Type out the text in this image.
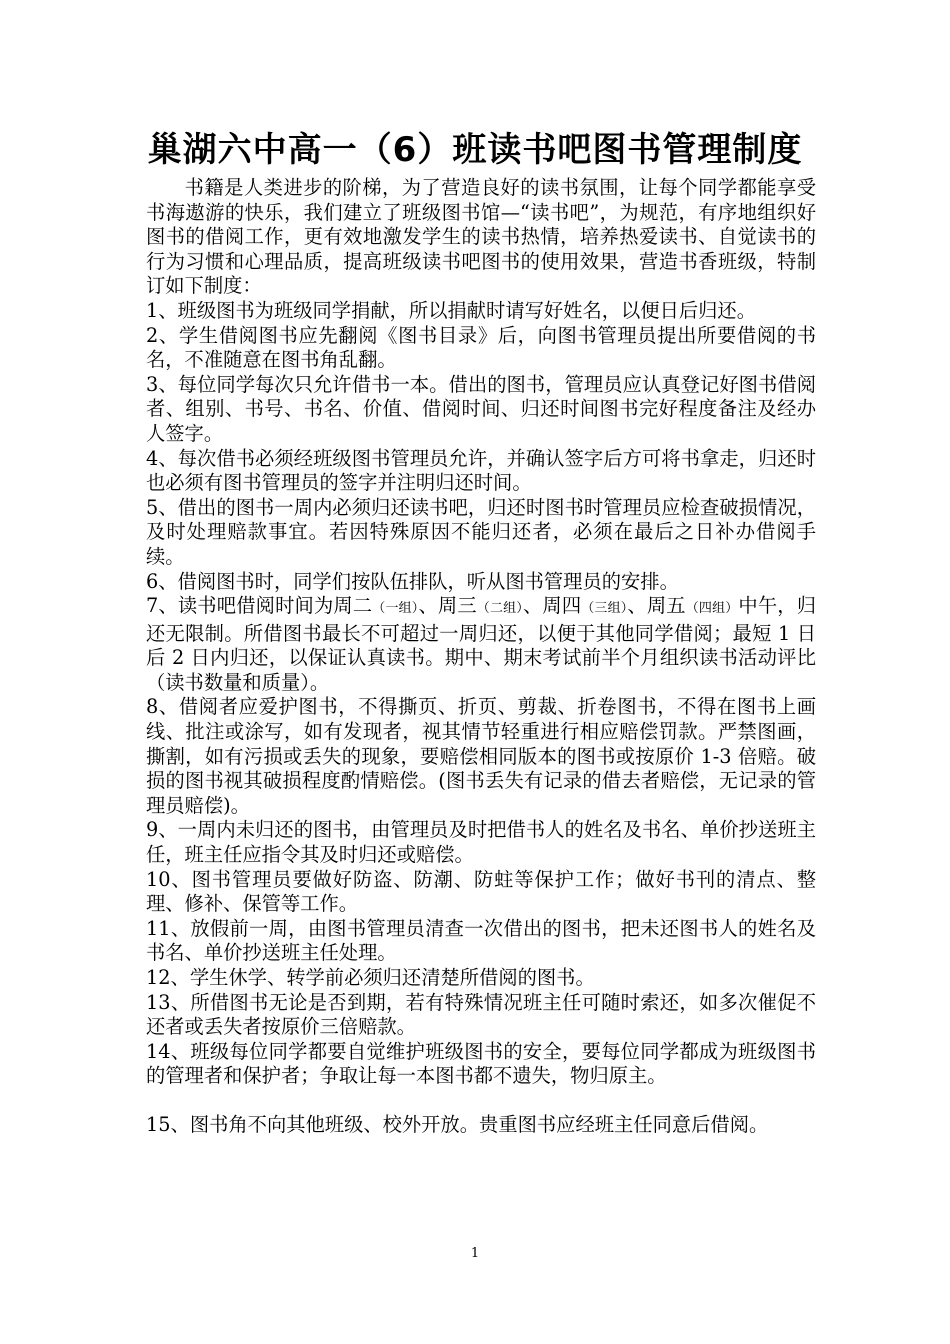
巢湖六中高一（6）班读书吧图书管理制度

书籍是人类进步的阶梯，为了营造良好的读书氛围，让每个同学都能享受书海遨游的快乐，我们建立了班级图书馆—“读书吧”，为规范，有序地组织好图书的借阅工作，更有效地激发学生的读书热情，培养热爱读书、自觉读书的行为习惯和心理品质，提高班级读书吧图书的使用效果，营造书香班级，特制订如下制度：

1、班级图书为班级同学捐献，所以捐献时请写好姓名，以便日后归还。

2、学生借阅图书应先翻阅《图书目录》后，向图书管理员提出所要借阅的书名，不准随意在图书角乱翻。

3、每位同学每次只允许借书一本。借出的图书，管理员应认真登记好图书借阅者、组别、书号、书名、价值、借阅时间、归还时间图书完好程度备注及经办人签字。

4、每次借书必须经班级图书管理员允许，并确认签字后方可将书拿走，归还时也必须有图书管理员的签字并注明归还时间。

5、借出的图书一周内必须归还读书吧，归还时图书时管理员应检查破损情况，及时处理赔款事宜。若因特殊原因不能归还者，必须在最后之日补办借阅手续。

6、借阅图书时，同学们按队伍排队，听从图书管理员的安排。

7、读书吧借阅时间为周二（一组）、周三（二组）、周四（三组）、周五（四组）中午，归还无限制。所借图书最长不可超过一周归还，以便于其他同学借阅；最短 1 日后 2 日内归还，以保证认真读书。期中、期末考试前半个月组织读书活动评比（读书数量和质量）。

8、借阅者应爱护图书，不得撕页、折页、剪裁、折卷图书，不得在图书上画线、批注或涂写，如有发现者，视其情节轻重进行相应赔偿罚款。严禁图画，撕割，如有污损或丢失的现象，要赔偿相同版本的图书或按原价 1-3 倍赔。破损的图书视其破损程度酌情赔偿。(图书丢失有记录的借去者赔偿，无记录的管理员赔偿)。

9、一周内未归还的图书，由管理员及时把借书人的姓名及书名、单价抄送班主任，班主任应指令其及时归还或赔偿。

10、图书管理员要做好防盗、防潮、防蛀等保护工作；做好书刊的清点、整理、修补、保管等工作。

11、放假前一周，由图书管理员清查一次借出的图书，把未还图书人的姓名及书名、单价抄送班主任处理。

12、学生休学、转学前必须归还清楚所借阅的图书。

13、所借图书无论是否到期，若有特殊情况班主任可随时索还，如多次催促不还者或丢失者按原价三倍赔款。

14、班级每位同学都要自觉维护班级图书的安全，要每位同学都成为班级图书的管理者和保护者；争取让每一本图书都不遗失，物归原主。

15、图书角不向其他班级、校外开放。贵重图书应经班主任同意后借阅。

1
